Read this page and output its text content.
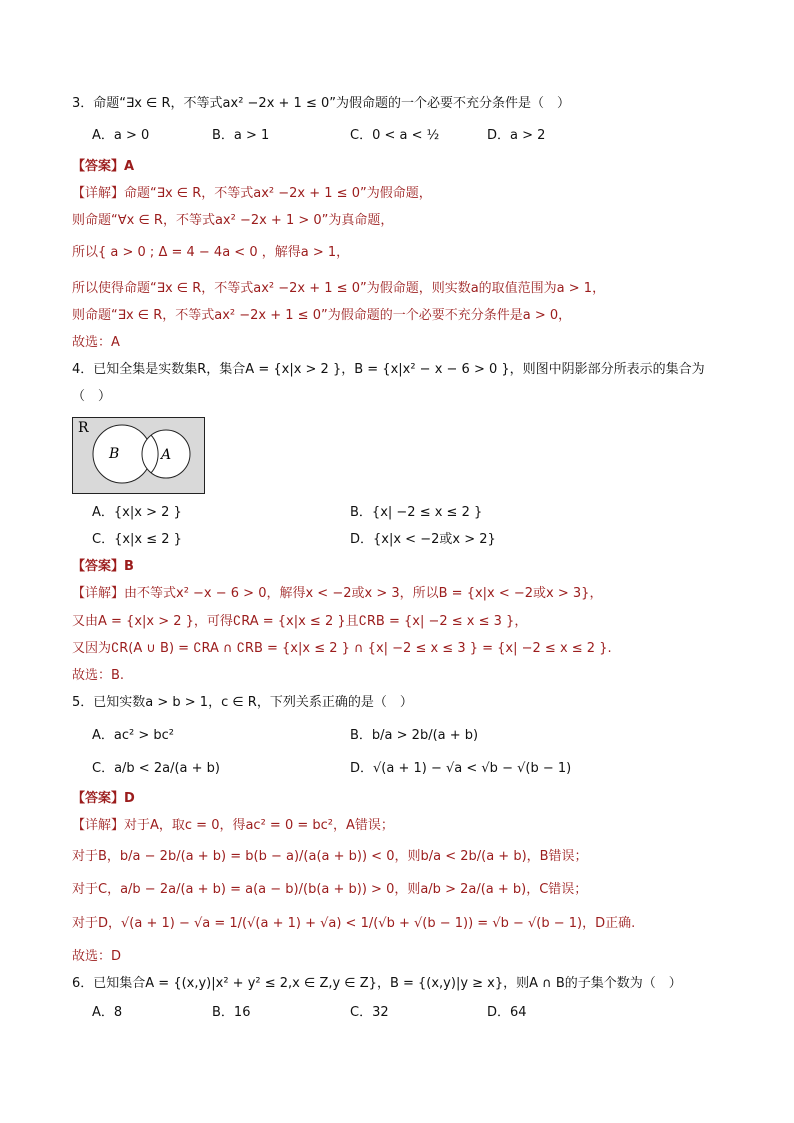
3．命题“∃x ∈ R，不等式ax² −2x + 1 ≤ 0”为假命题的一个必要不充分条件是（　）
A．a > 0	B．a > 1	C．0 < a < ½	D．a > 2
【答案】A
【详解】命题“∃x ∈ R，不等式ax² −2x + 1 ≤ 0”为假命题，
则命题“∀x ∈ R，不等式ax² −2x + 1 > 0”为真命题，
所以{ a > 0 ; Δ = 4 − 4a < 0 ，解得a > 1，
所以使得命题“∃x ∈ R，不等式ax² −2x + 1 ≤ 0”为假命题，则实数a的取值范围为a > 1，
则命题“∃x ∈ R，不等式ax² −2x + 1 ≤ 0”为假命题的一个必要不充分条件是a > 0，
故选：A
4．已知全集是实数集R，集合A = {x|x > 2 }，B = {x|x² − x − 6 > 0 }，则图中阴影部分所表示的集合为
（　）
R
B	A
A．{x|x > 2 }	B．{x| −2 ≤ x ≤ 2 }
C．{x|x ≤ 2 }	D．{x|x < −2或x > 2}
【答案】B
【详解】由不等式x² −x − 6 > 0，解得x < −2或x > 3，所以B = {x|x < −2或x > 3}，
又由A = {x|x > 2 }，可得∁RA = {x|x ≤ 2 }且∁RB = {x| −2 ≤ x ≤ 3 }，
又因为∁R(A ∪ B) = ∁RA ∩ ∁RB = {x|x ≤ 2 } ∩ {x| −2 ≤ x ≤ 3 } = {x| −2 ≤ x ≤ 2 }.
故选：B.
5．已知实数a > b > 1，c ∈ R，下列关系正确的是（　）
A．ac² > bc²	B．b/a > 2b/(a + b)
C．a/b < 2a/(a + b)	D．√(a + 1) − √a < √b − √(b − 1)
【答案】D
【详解】对于A，取c = 0，得ac² = 0 = bc²，A错误；
对于B，b/a − 2b/(a + b) = b(b − a)/(a(a + b)) < 0，则b/a < 2b/(a + b)，B错误；
对于C，a/b − 2a/(a + b) = a(a − b)/(b(a + b)) > 0，则a/b > 2a/(a + b)，C错误；
对于D，√(a + 1) − √a = 1/(√(a + 1) + √a) < 1/(√b + √(b − 1)) = √b − √(b − 1)，D正确.
故选：D
6．已知集合A = {(x,y)|x² + y² ≤ 2,x ∈ Z,y ∈ Z}，B = {(x,y)|y ≥ x}，则A ∩ B的子集个数为（　）
A．8	B．16	C．32	D．64
